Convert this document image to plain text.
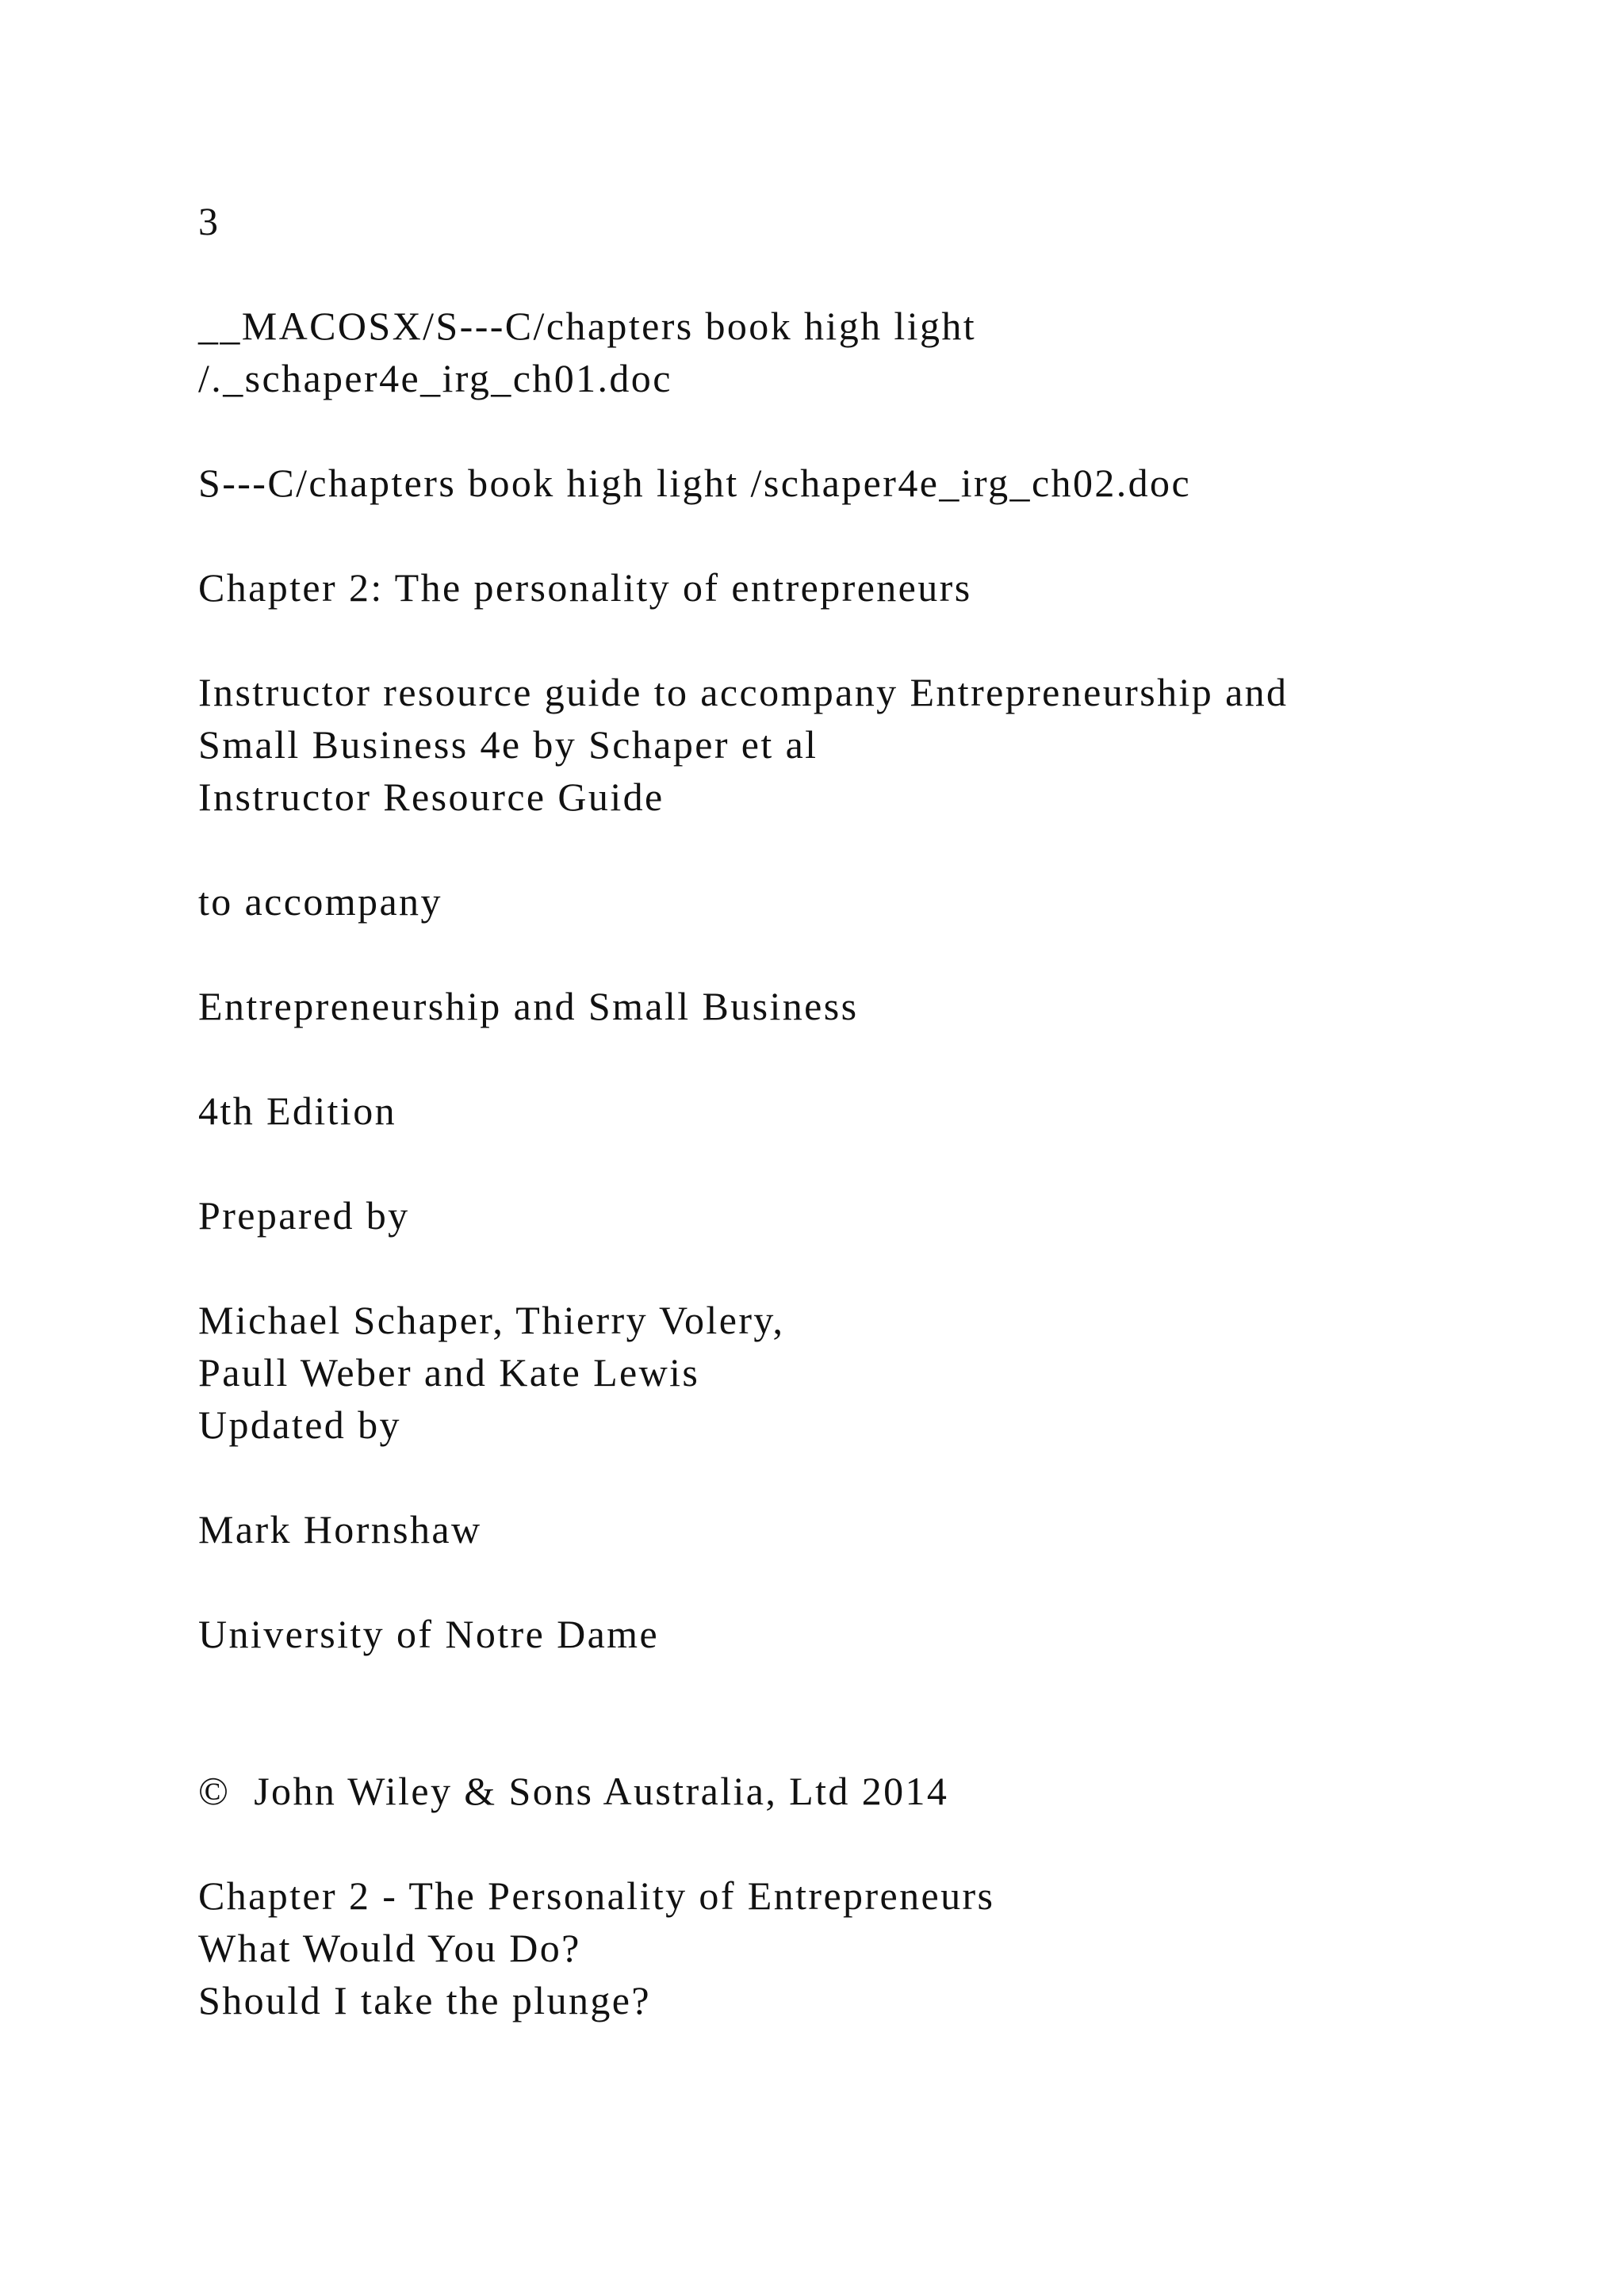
3
__MACOSX/S---C/chapters book high light
/._schaper4e_irg_ch01.doc
S---C/chapters book high light /schaper4e_irg_ch02.doc
Chapter 2: The personality of entrepreneurs
Instructor resource guide to accompany Entrepreneurship and
Small Business 4e by Schaper et al
Instructor Resource Guide
to accompany
Entrepreneurship and Small Business
4th Edition
Prepared by
Michael Schaper, Thierry Volery,
Paull Weber and Kate Lewis
Updated by
Mark Hornshaw
University of Notre Dame
©  John Wiley & Sons Australia, Ltd 2014
Chapter 2 - The Personality of Entrepreneurs
What Would You Do?
Should I take the plunge?
